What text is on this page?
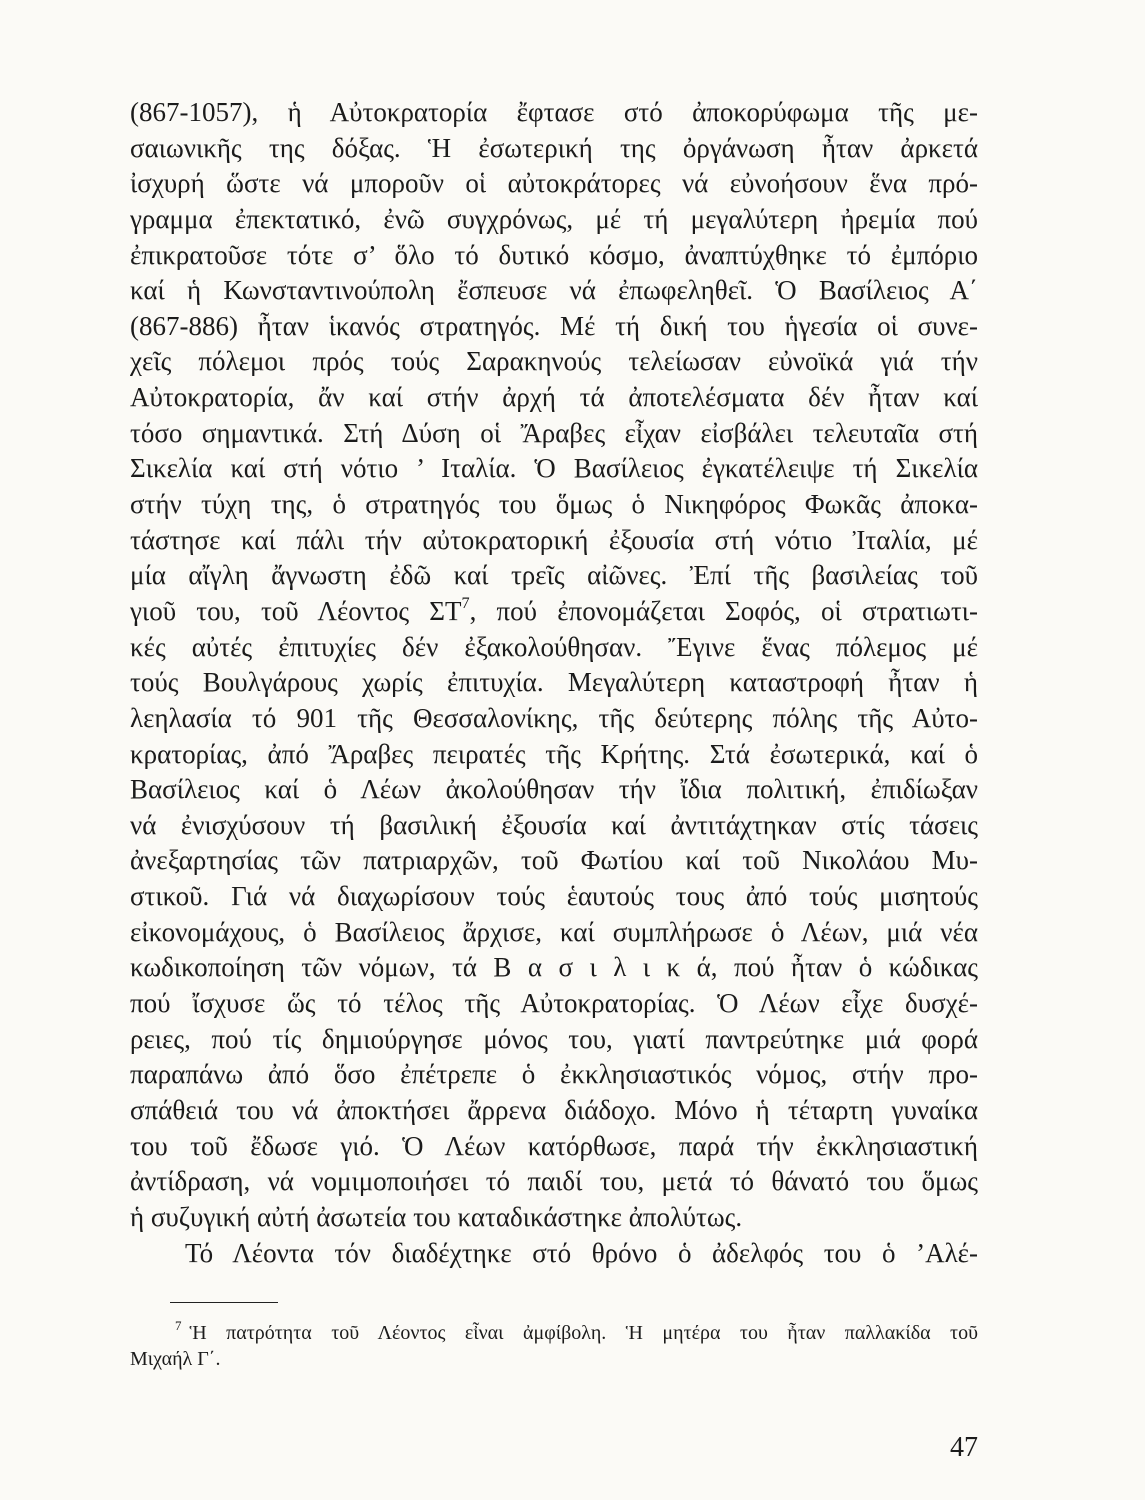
(867-1057), ἡ Αὐτοκρατορία ἔφτασε στό ἀποκορύφωμα τῆς με-
σαιωνικῆς της δόξας. Ἡ ἐσωτερική της ὀργάνωση ἦταν ἀρκετά
ἰσχυρή ὥστε νά μποροῦν οἱ αὐτοκράτορες νά εὐνοήσουν ἕνα πρό-
γραμμα ἐπεκτατικό, ἐνῶ συγχρόνως, μέ τή μεγαλύτερη ἠρεμία πού
ἐπικρατοῦσε τότε σ’ ὅλο τό δυτικό κόσμο, ἀναπτύχθηκε τό ἐμπόριο
καί ἡ Κωνσταντινούπολη ἔσπευσε νά ἐπωφεληθεῖ. Ὁ Βασίλειος Α΄
(867-886) ἦταν ἱκανός στρατηγός. Μέ τή δική του ἡγεσία οἱ συνε-
χεῖς πόλεμοι πρός τούς Σαρακηνούς τελείωσαν εὐνοϊκά γιά τήν
Αὐτοκρατορία, ἄν καί στήν ἀρχή τά ἀποτελέσματα δέν ἦταν καί
τόσο σημαντικά. Στή Δύση οἱ Ἄραβες εἶχαν εἰσβάλει τελευταῖα στή
Σικελία καί στή νότιο ’ Ιταλία. Ὁ Βασίλειος ἐγκατέλειψε τή Σικελία
στήν τύχη της, ὁ στρατηγός του ὅμως ὁ Νικηφόρος Φωκᾶς ἀποκα-
τάστησε καί πάλι τήν αὐτοκρατορική ἐξουσία στή νότιο Ἰταλία, μέ
μία αἴγλη ἄγνωστη ἐδῶ καί τρεῖς αἰῶνες. Ἐπί τῆς βασιλείας τοῦ
γιοῦ του, τοῦ Λέοντος ΣΤ$^7$, πού ἐπονομάζεται Σοφός, οἱ στρατιωτι-
κές αὐτές ἐπιτυχίες δέν ἐξακολούθησαν. Ἔγινε ἕνας πόλεμος μέ
τούς Βουλγάρους χωρίς ἐπιτυχία. Μεγαλύτερη καταστροφή ἦταν ἡ
λεηλασία τό 901 τῆς Θεσσαλονίκης, τῆς δεύτερης πόλης τῆς Αὐτο-
κρατορίας, ἀπό Ἄραβες πειρατές τῆς Κρήτης. Στά ἐσωτερικά, καί ὁ
Βασίλειος καί ὁ Λέων ἀκολούθησαν τήν ἴδια πολιτική, ἐπιδίωξαν
νά ἐνισχύσουν τή βασιλική ἐξουσία καί ἀντιτάχτηκαν στίς τάσεις
ἀνεξαρτησίας τῶν πατριαρχῶν, τοῦ Φωτίου καί τοῦ Νικολάου Μυ-
στικοῦ. Γιά νά διαχωρίσουν τούς ἑαυτούς τους ἀπό τούς μισητούς
εἰκονομάχους, ὁ Βασίλειος ἄρχισε, καί συμπλήρωσε ὁ Λέων, μιά νέα
κωδικοποίηση τῶν νόμων, τά Β α σ ι λ ι κ ά, πού ἦταν ὁ κώδικας
πού ἴσχυσε ὥς τό τέλος τῆς Αὐτοκρατορίας. Ὁ Λέων εἶχε δυσχέ-
ρειες, πού τίς δημιούργησε μόνος του, γιατί παντρεύτηκε μιά φορά
παραπάνω ἀπό ὅσο ἐπέτρεπε ὁ ἐκκλησιαστικός νόμος, στήν προ-
σπάθειά του νά ἀποκτήσει ἄρρενα διάδοχο. Μόνο ἡ τέταρτη γυναίκα
του τοῦ ἔδωσε γιό. Ὁ Λέων κατόρθωσε, παρά τήν ἐκκλησιαστική
ἀντίδραση, νά νομιμοποιήσει τό παιδί του, μετά τό θάνατό του ὅμως
ἡ συζυγική αὐτή ἀσωτεία του καταδικάστηκε ἀπολύτως.
Τό Λέοντα τόν διαδέχτηκε στό θρόνο ὁ ἀδελφός του ὁ ’Αλέ-
$^7$ Ἡ πατρότητα τοῦ Λέοντος εἶναι ἀμφίβολη. Ἡ μητέρα του ἦταν παλλακίδα τοῦ
Μιχαήλ Γ΄.
47
